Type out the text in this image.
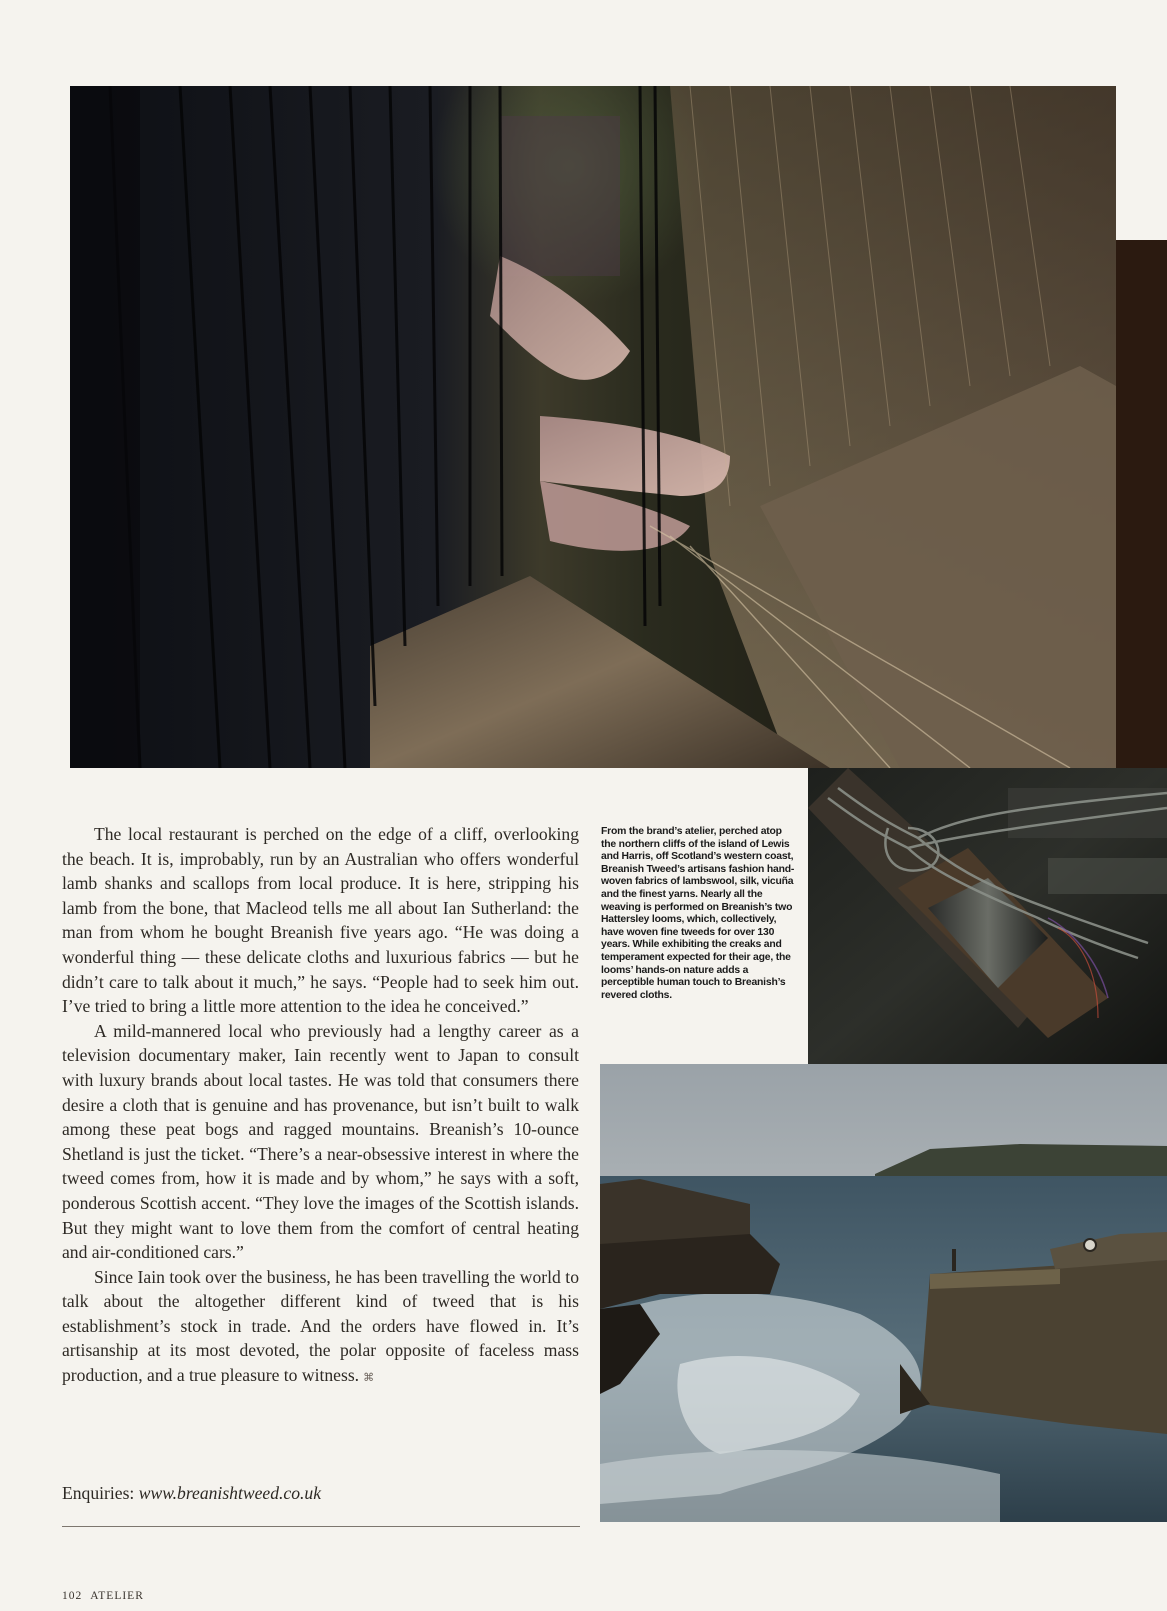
The local restaurant is perched on the edge of a cliff, overlooking the beach. It is, improbably, run by an Australian who offers wonderful lamb shanks and scallops from local produce. It is here, stripping his lamb from the bone, that Macleod tells me all about Ian Sutherland: the man from whom he bought Breanish five years ago. “He was doing a wonderful thing — these delicate cloths and luxurious fabrics — but he didn’t care to talk about it much,” he says. “People had to seek him out. I’ve tried to bring a little more attention to the idea he conceived.”

A mild-mannered local who previously had a lengthy career as a television documentary maker, Iain recently went to Japan to consult with luxury brands about local tastes. He was told that consumers there desire a cloth that is genuine and has provenance, but isn’t built to walk among these peat bogs and ragged mountains. Breanish’s 10-ounce Shetland is just the ticket. “There’s a near-obsessive interest in where the tweed comes from, how it is made and by whom,” he says with a soft, ponderous Scottish accent. “They love the images of the Scottish islands. But they might want to love them from the comfort of central heating and air-conditioned cars.”

Since Iain took over the business, he has been travelling the world to talk about the altogether different kind of tweed that is his establishment’s stock in trade. And the orders have flowed in. It’s artisanship at its most devoted, the polar opposite of faceless mass production, and a true pleasure to witness. ⌘

From the brand’s atelier, perched atop the northern cliffs of the island of Lewis and Harris, off Scotland’s western coast, Breanish Tweed’s artisans fashion hand-woven fabrics of lambswool, silk, vicuña and the finest yarns. Nearly all the weaving is performed on Breanish’s two Hattersley looms, which, collectively, have woven fine tweeds for over 130 years. While exhibiting the creaks and temperament expected for their age, the looms’ hands-on nature adds a perceptible human touch to Breanish’s revered cloths.
Enquiries: www.breanishtweed.co.uk
102 ATELIER
